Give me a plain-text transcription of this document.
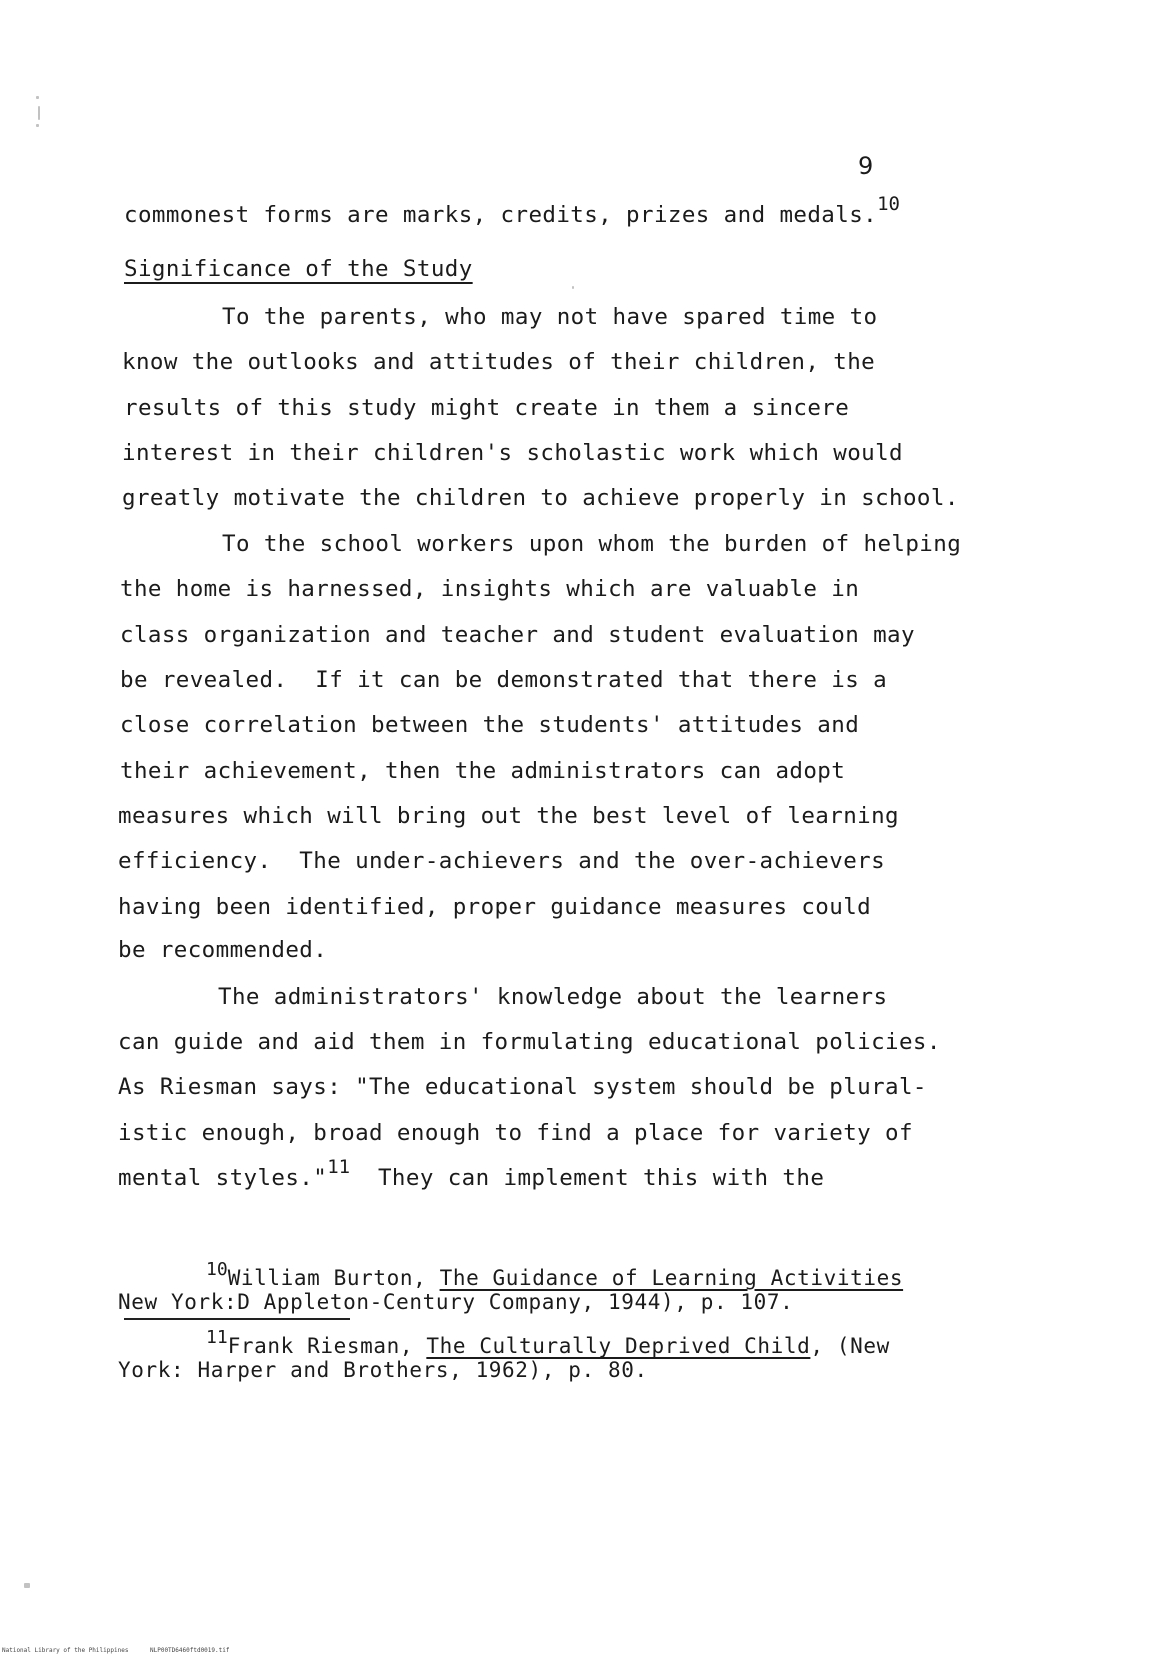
9
commonest forms are marks, credits, prizes and medals.$^{10}$
Significance of the Study
To the parents, who may not have spared time to
know the outlooks and attitudes of their children, the
results of this study might create in them a sincere
interest in their children's scholastic work which would
greatly motivate the children to achieve properly in school.
To the school workers upon whom the burden of helping
the home is harnessed, insights which are valuable in
class organization and teacher and student evaluation may
be revealed.  If it can be demonstrated that there is a
close correlation between the students' attitudes and
their achievement, then the administrators can adopt
measures which will bring out the best level of learning
efficiency.  The under-achievers and the over-achievers
having been identified, proper guidance measures could
be recommended.
The administrators' knowledge about the learners
can guide and aid them in formulating educational policies.
As Riesman says: "The educational system should be plural-
istic enough, broad enough to find a place for variety of
mental styles."$^{11}$  They can implement this with the
10William Burton, The Guidance of Learning Activities
New York:D Appleton-Century Company, 1944), p. 107.
11Frank Riesman, The Culturally Deprived Child, (New
York: Harper and Brothers, 1962), p. 80.
National Library of the Philippines	NLP00TD6460ftd0019.tif
